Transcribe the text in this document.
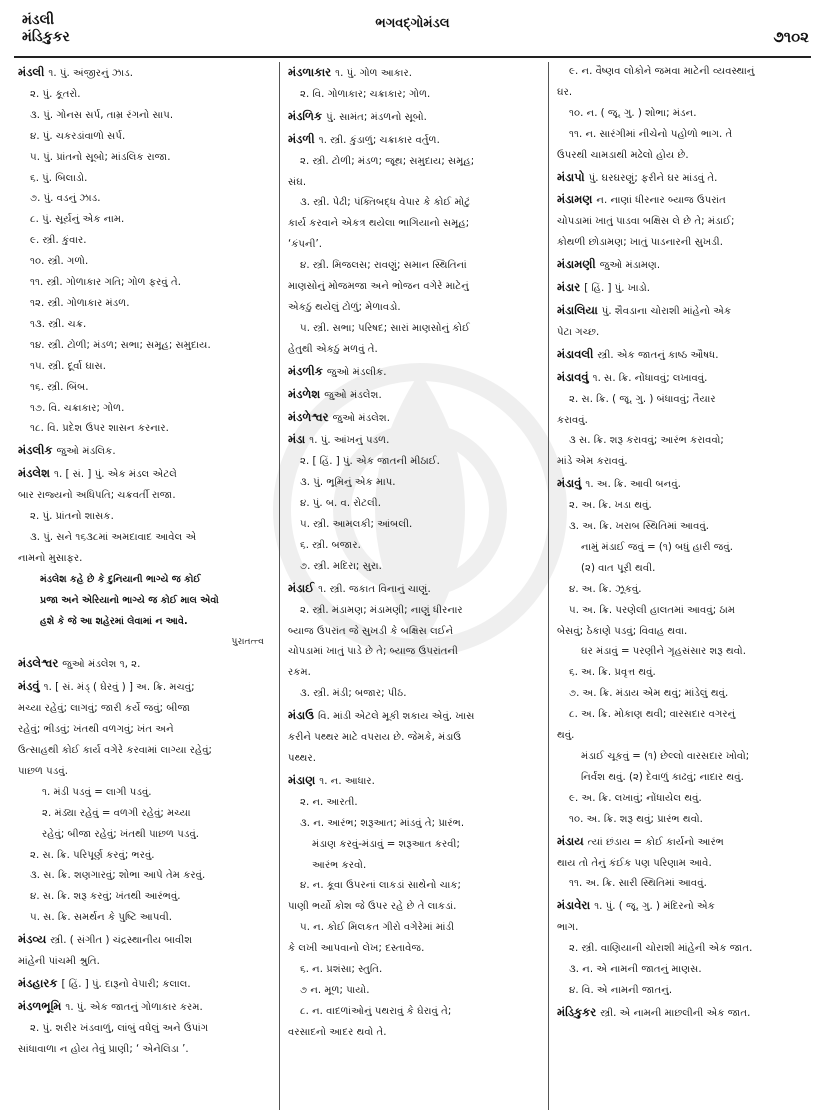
મંડલી
મંડિકુકર
ભગવદ્ગોમંડલ
૭૧૦૨
મંડલી ૧. પું. અંજીરનું ઝાડ.
૨. પું. કૂતરો.
૩. પું. ગોનસ સર્પ, તામ્ર રંગનો સાપ.
૪. પું. ચકરડાંવાળો સર્પ.
૫. પું. પ્રાંતનો સૂબો; માંડલિક રાજા.
૬. પું. બિલાડો.
૭. પું. વડનું ઝાડ.
૮. પું. સૂર્યનું એક નામ.
૯. સ્ત્રી. કુંવાર.
૧૦. સ્ત્રી. ગળો.
૧૧. સ્ત્રી. ગોળાકાર ગતિ; ગોળ ફરવું તે.
૧૨. સ્ત્રી. ગોળાકાર મંડળ.
૧૩. સ્ત્રી. ચક્ર.
૧૪. સ્ત્રી. ટોળી; મંડળ; સભા; સમૂહ; સમુદાય.
૧૫. સ્ત્રી. દૂર્વા ઘાસ.
૧૬. સ્ત્રી. બિંબ.
૧૭. વિ. ચક્રાકાર; ગોળ.
૧૮. વિ. પ્રદેશ ઉપર શાસન કરનાર.
મંડલીક જુઓ મંડલિક.
મંડલેશ ૧. [ સં. ] પું. એક મંડલ એટલે
બાર રાજ્યનો અધિપતિ; ચક્રવર્તી રાજા.
૨. પું. પ્રાંતનો શાસક.
૩. પું. સને ૧૬૩૮માં અમદાવાદ આવેલ એ
નામનો મુસાફર.
મંડલેશ કહે છે કે દુનિયાની ભાગ્યે જ કોઈ
પ્રજા અને એરિયાનો ભાગ્યે જ કોઈ માલ એવો
હશે કે જે આ શહેરમાં લેવામાં ન આવે.
પુરાતત્ત્વ
મંડલેશ્વર જુઓ મંડલેશ ૧, ૨.
મંડવું ૧. [ સં. મંડ્ ( ઘેરવું ) ] અ. ક્રિ. મચવું;
મચ્યા રહેવું; લાગવું; જારી કર્યે જવું; બીજા
રહેવું; ભીડવું; ખંતથી વળગવું; ખંત અને
ઉત્સાહથી કોઈ કાર્ય વગેરે કરવામાં લાગ્યા રહેવું;
પાછળ પડવું.
૧. મંડી પડવું = લાગી પડવું.
૨. મંડ્યા રહેવું = વળગી રહેવું; મચ્યા
રહેવું; બીજા રહેવું; ખંતથી પાછળ પડવું.
૨. સ. ક્રિ. પરિપૂર્ણ કરવું; ભરવું.
૩. સ. ક્રિ. શણગારવું; શોભા આપે તેમ કરવું.
૪. સ. ક્રિ. શરૂ કરવું; ખંતથી આરંભવું.
૫. સ. ક્રિ. સમર્થન કે પુષ્ટિ આપવી.
મંડવ્ય સ્ત્રી. ( સંગીત ) ચંદ્રસ્થાનીય બાવીશ
માંહેની પાંચમી શ્રુતિ.
મંડહારક [ હિં. ] પું. દારૂનો વેપારી; કલાલ.
મંડળભૂમિ ૧. પું. એક જાતનું ગોળાકાર કરમ.
૨. પું. શરીર ખંડવાળું, લાંબું વધેલું અને ઉપાંગ
સાંધાવાળા ન હોય તેવું પ્રાણી; ‘ એનેલિડા ’.
મંડળાકાર ૧. પું. ગોળ આકાર.
૨. વિ. ગોળાકાર; ચક્રાકાર; ગોળ.
મંડળિક પું. સામંત; મંડળનો સૂબો.
મંડળી ૧. સ્ત્રી. કુંડાળું; ચક્રાકાર વર્તુળ.
૨. સ્ત્રી. ટોળી; મંડળ; જૂથ; સમુદાય; સમૂહ;
સંઘ.
૩. સ્ત્રી. પેઢી; પંક્તિબદ્ધ વેપાર કે કોઈ મોટું
કાર્ય કરવાને એકત્ર થયેલા ભાગિયાનો સમૂહ;
‘કંપની’.
૪. સ્ત્રી. મિજલસ; રાવણું; સમાન સ્થિતિનાં
માણસોનું મોજમજા અને ભોજન વગેરે માટેનું
એકઠું થયેલું ટોળું; મેળાવડો.
૫. સ્ત્રી. સભા; પરિષદ; સારાં માણસોનું કોઈ
હેતુથી એકઠું મળવું તે.
મંડળીક જુઓ મંડલીક.
મંડળેશ જુઓ મંડલેશ.
મંડળેશ્વર જુઓ મંડલેશ.
મંડા ૧. પું. આંખનું પડળ.
૨. [ હિં. ] પું. એક જાતની મીઠાઈ.
૩. પું. ભૂમિનું એક માપ.
૪. પું. બ. વ. રોટલી.
૫. સ્ત્રી. આમલકી; આંબલી.
૬. સ્ત્રી. બજાર.
૭. સ્ત્રી. મદિરા; સુરા.
મંડાઈ ૧. સ્ત્રી. જકાત વિનાનું ચાણું.
૨. સ્ત્રી. મંડામણ; મંડામણી; નાણું ધીરનાર
બ્યાજ ઉપરાંત જે સુખડી કે બક્ષિસ લઈને
ચોપડામાં ખાતું પાડે છે તે; બ્યાજ ઉપરાંતની
રકમ.
૩. સ્ત્રી. મંડી; બજાર; પીઠ.
મંડાઉ વિ. માંડી એટલે મૂકી શકાય એવું. ખાસ
કરીને પથ્થર માટે વપરાય છે. જેમકે, મંડાઉ
પથ્થર.
મંડાણ ૧. ન. આધાર.
૨. ન. આરતી.
૩. ન. આરંભ; શરૂઆત; માંડવું તે; પ્રારંભ.
મંડાણ કરવું-મંડાવું = શરૂઆત કરવી;
આરંભ કરવો.
૪. ન. કૂવા ઉપરનાં લાકડાં સાથેનો ચાક;
પાણી ભર્યો કોશ જે ઉપર રહે છે તે લાકડાં.
૫. ન. કોઈ મિલકત ગીરો વગેરેમાં માંડી
કે લખી આપવાનો લેખ; દસ્તાવેજ.
૬. ન. પ્રશંસા; સ્તુતિ.
૭ ન. મૂળ; પાયો.
૮. ન. વાદળાંઓનું પથરાવું કે ઘેરાવું તે;
વરસાદનો આદર થવો તે.
૯. ન. વૈષ્ણવ લોકોને જમવા માટેની વ્યવસ્થાનું
ઘર.
૧૦. ન. ( જૂ. ગુ. ) શોભા; મંડન.
૧૧. ન. સારંગીમાં નીચેનો પહોળો ભાગ. તે
ઉપરથી ચામડાથી મઢેલો હોય છે.
મંડાપો પું. ઘરઘરણું; ફરીને ઘર માંડવું તે.
મંડામણ ન. નાણાં ધીરનાર બ્યાજ ઉપરાંત
ચોપડામાં ખાતું પાડવા બક્ષિસ લે છે તે; મંડાઈ;
કોથળી છોડામણ; ખાતું પાડનારની સુખડી.
મંડામણી જુઓ મંડામણ.
મંડાર [ હિં. ] પું. ખાડો.
મંડાલિયા પું. શૈવડાના ચોરાશી માંહેનો એક
પેટા ગચ્છ.
મંડાવલી સ્ત્રી. એક જાતનું કાષ્ઠ ઔષધ.
મંડાવવું ૧. સ. ક્રિ. નોંધાવવું; લખાવવું.
૨. સ. ક્રિ. ( જૂ. ગુ. ) બંધાવવું; તૈયાર
કરાવવું.
૩ સ. ક્રિ. શરૂ કરાવવું; આરંભ કરાવવો;
માંડે એમ કરાવવું.
મંડાવું ૧. અ. ક્રિ. આવી બનવું.
૨. અ. ક્રિ. ખડા થવું.
૩. અ. ક્રિ. ખરાબ સ્થિતિમાં આવવું.
નામું મંડાઈ જવું = (૧) બધું હારી જવું.
(૨) વાત પૂરી થવી.
૪. અ. ક્રિ. ઝૂકવું.
૫. અ. ક્રિ. પરણેલી હાલતમાં આવવું; ઠામ
બેસવું; ઠેકાણે પડવું; વિવાહ થવા.
ઘર મંડાવું = પરણીને ગૃહસંસાર શરૂ થવો.
૬. અ. ક્રિ. પ્રવૃત્ત થવું.
૭. અ. ક્રિ. મંડાય એમ થવું; માંડેલું થવું.
૮. અ. ક્રિ. મોકાણ થવી; વારસદાર વગરનું
થવું.
મંડાઈ ચૂકવું = (૧) છેલ્લો વારસદાર ખોવો;
નિર્વંશ થવું. (૨) દેવાળું કાઢવું; નાદાર થવું.
૯. અ. ક્રિ. લખાવું; નોંધાયેલ થવું.
૧૦. અ. ક્રિ. શરૂ થવું; પ્રારંભ થવો.
મંડાય ત્યાં છંડાય = કોઈ કાર્યનો આરંભ
થાય તો તેનું કંઈક પણ પરિણામ આવે.
૧૧. અ. ક્રિ. સારી સ્થિતિમાં આવવું.
મંડાવેરા ૧. પું. ( જૂ. ગુ. ) મંદિરનો એક
ભાગ.
૨. સ્ત્રી. વાણિયાની ચોરાશી માંહેની એક જાત.
૩. ન. એ નામની જાતનું માણસ.
૪. વિ. એ નામની જાતનું.
મંડિકુકર સ્ત્રી. એ નામની માછલીની એક જાત.
